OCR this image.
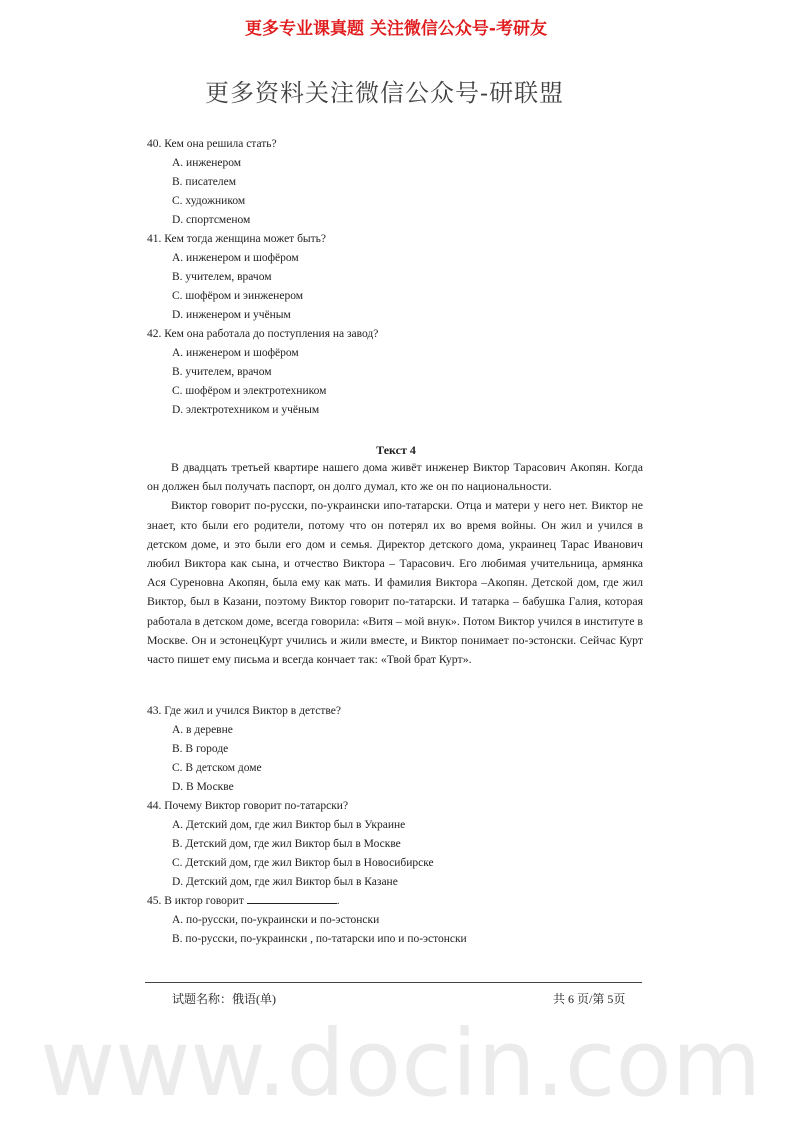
更多专业课真题 关注微信公众号-考研友
更多资料关注微信公众号-研联盟
40. Кем она решила стать?
A. инженером
B. писателем
C. художником
D. спортсменом
41. Кем тогда женщина может быть?
A. инженером и шофёром
B. учителем, врачом
C. шофёром и эинженером
D. инженером и учёным
42. Кем она работала до поступления на завод?
A. инженером и шофёром
B. учителем, врачом
C. шофёром и электротехником
D. электротехником и учёным
Текст 4

В двадцать третьей квартире нашего дома живёт инженер Виктор Тарасович Акопян. Когда он должен был получать паспорт, он долго думал, кто же он по национальности.

Виктор говорит по-русски, по-украински ипо-татарски. Отца и матери у него нет. Виктор не знает, кто были его родители, потому что он потерял их во время войны. Он жил и учился в детском доме, и это были его дом и семья. Директор детского дома, украинец Тарас Иванович любил Виктора как сына, и отчество Виктора – Тарасович. Его любимая учительница, армянка Ася Суреновна Акопян, была ему как мать. И фамилия Виктора –Акопян. Детской дом, где жил Виктор, был в Казани, поэтому Виктор говорит по-татарски. И татарка – бабушка Галия, которая работала в детском доме, всегда говорила: «Витя – мой внук». Потом Виктор учился в институте в Москве. Он и эстонецКурт учились и жили вместе, и Виктор понимает по-эстонски. Сейчас Курт часто пишет ему письма и всегда кончает так: «Твой брат Курт».

43. Где жил и учился Виктор в детстве?
A. в деревне
B. В городе
C. В детском доме
D. В Москве
44. Почему Виктор говорит по-татарски?
A. Детский дом, где жил Виктор был в Украине
B. Детский дом, где жил Виктор был в Москве
C. Детский дом, где жил Виктор был в Новосибирске
D. Детский дом, где жил Виктор был в Казане
45. В иктор говорит	.
A. по-русски, по-украински и по-эстонски
B. по-русски, по-украински , по-татарски ипо и по-эстонски
试题名称：俄语(单)	共 6 页/第 5页
www.docin.com
